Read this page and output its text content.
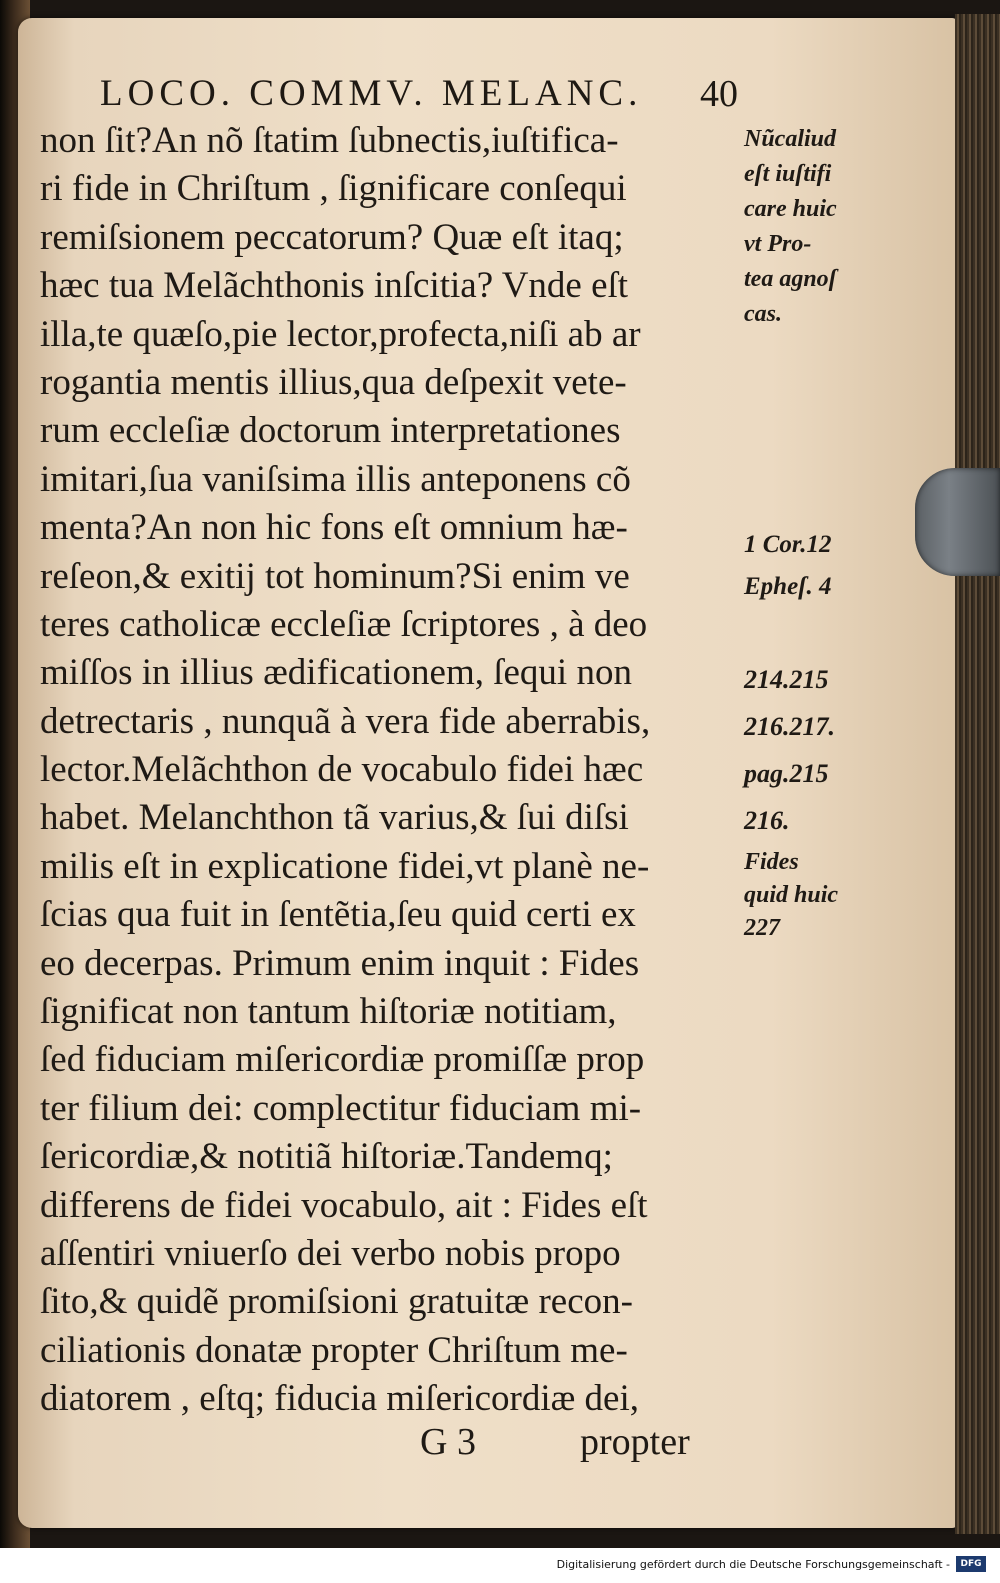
LOCO. COMMV. MELANC. 40
non ſit?An nõ ſtatim ſubnectis,iuſtifica-
ri fide in Chriſtum , ſignificare conſequi
remiſsionem peccatorum? Quæ eſt itaq;
hæc tua Melãchthonis inſcitia? Vnde eſt
illa,te quæſo,pie lector,profecta,niſi ab ar
rogantia mentis illius,qua deſpexit vete-
rum eccleſiæ doctorum interpretationes
imitari,ſua vaniſsima illis anteponens cõ
menta?An non hic fons eſt omnium hæ-
reſeon,& exitij tot hominum?Si enim ve
teres catholicæ eccleſiæ ſcriptores , à deo
miſſos in illius ædificationem, ſequi non
detrectaris , nunquã à vera fide aberrabis,
lector.Melãchthon de vocabulo fidei hæc
habet. Melanchthon tã varius,& ſui diſsi
milis eſt in explicatione fidei,vt planè ne-
ſcias qua fuit in ſentẽtia,ſeu quid certi ex
eo decerpas. Primum enim inquit : Fides
ſignificat non tantum hiſtoriæ notitiam,
ſed fiduciam miſericordiæ promiſſæ prop
ter filium dei: complectitur fiduciam mi-
ſericordiæ,& notitiã hiſtoriæ.Tandemq;
differens de fidei vocabulo, ait : Fides eſt
aſſentiri vniuerſo dei verbo nobis propo
ſito,& quidẽ promiſsioni gratuitæ recon-
ciliationis donatæ propter Chriſtum me-
diatorem , eſtq; fiducia miſericordiæ dei,
Nũcaliud
eſt iuſtifi
care huic
vt Pro-
tea agnoſ
cas.
1 Cor.12
Epheſ. 4
214.215
216.217.
pag.215
216.
Fides
quid huic
227
G 3	propter
Digitalisierung gefördert durch die Deutsche Forschungsgemeinschaft -	DFG
